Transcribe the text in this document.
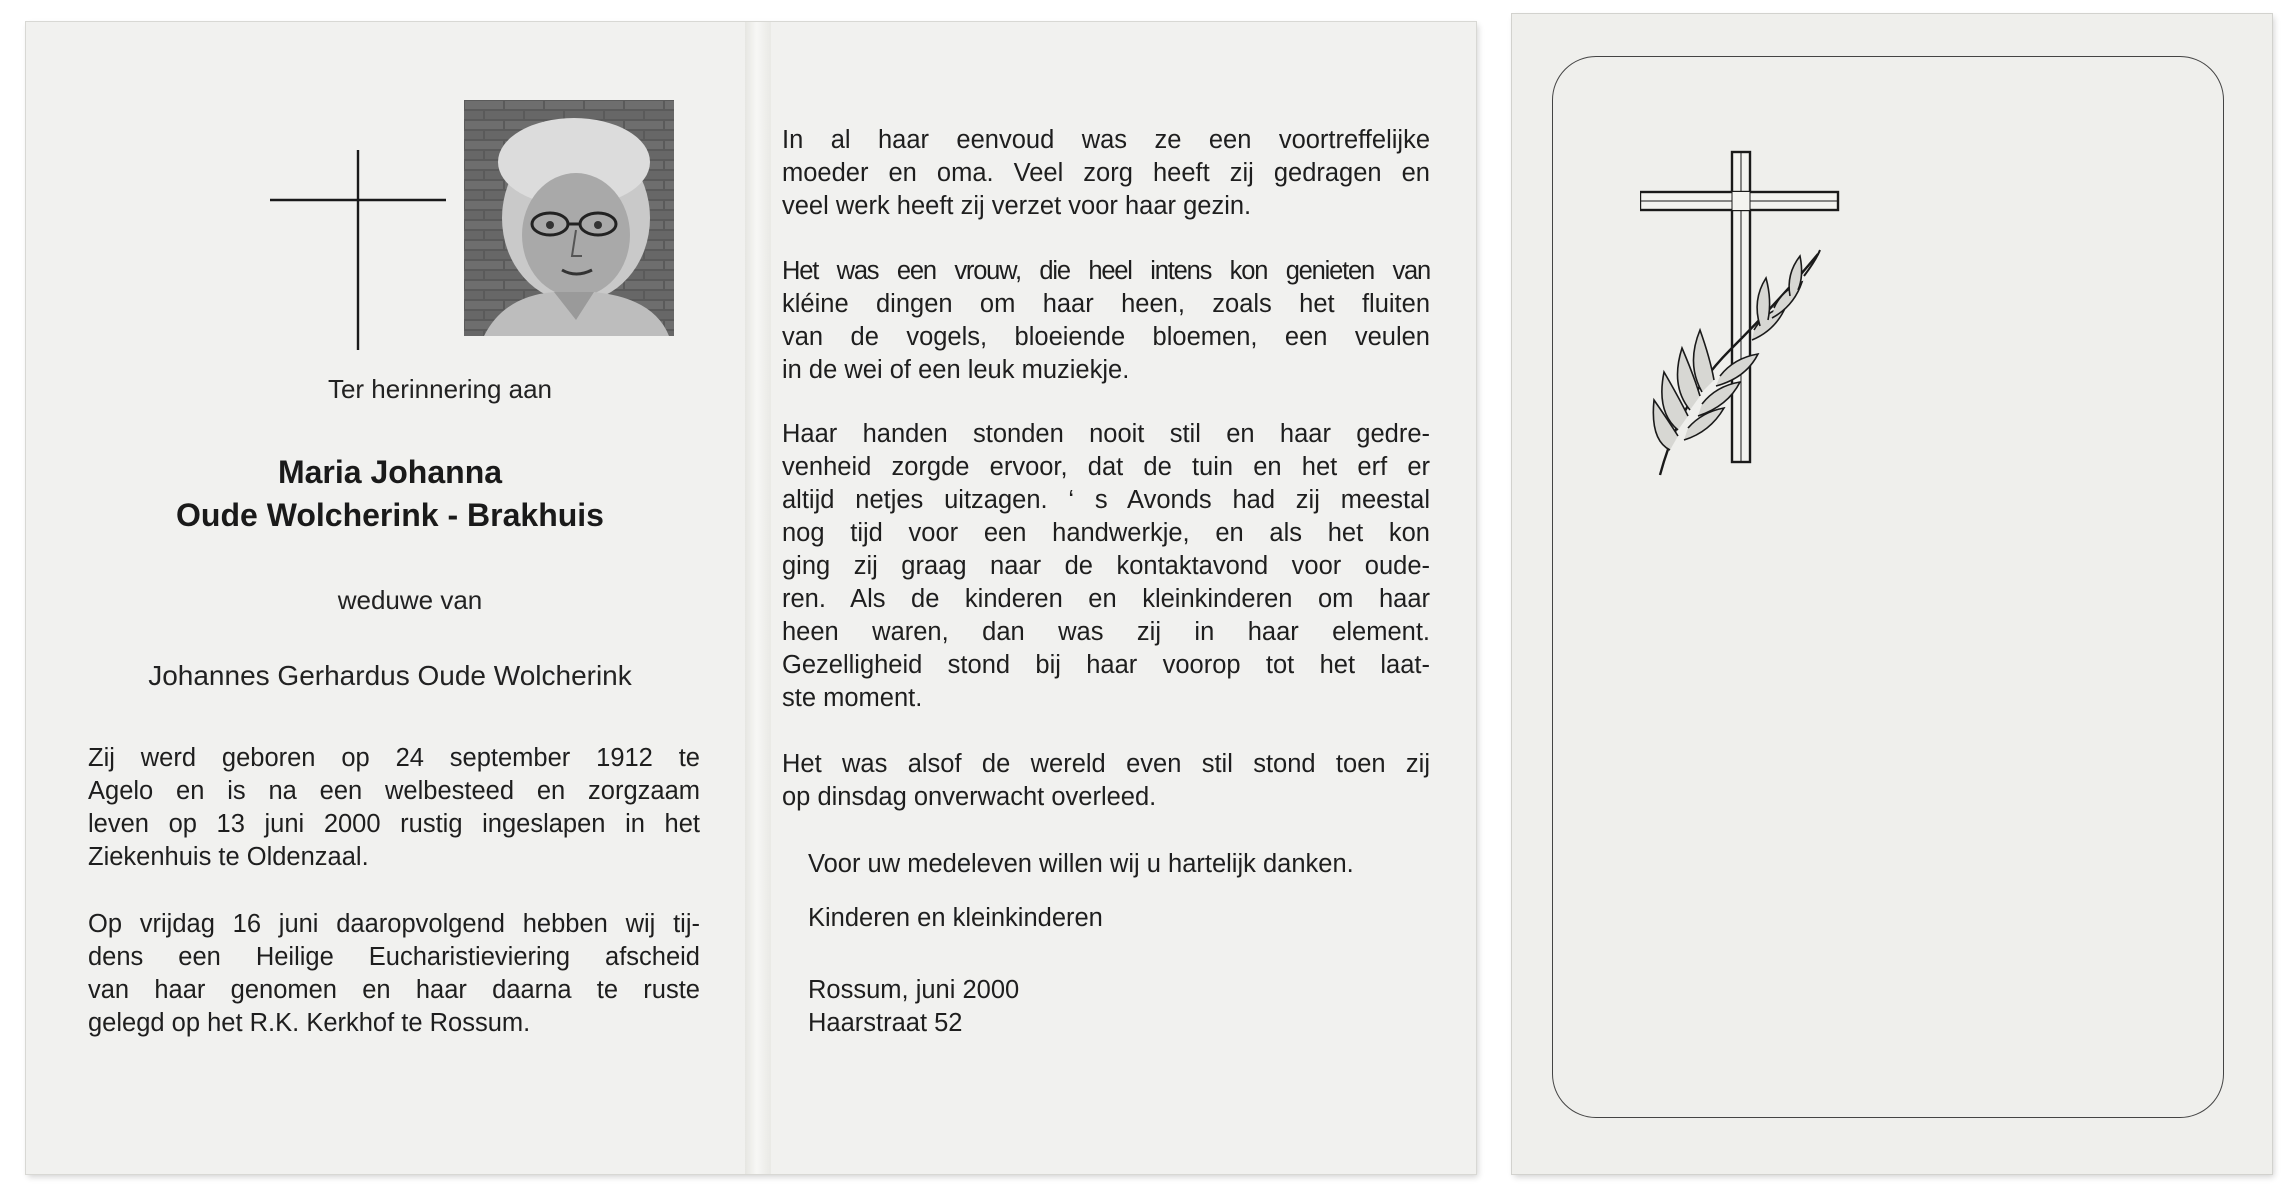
Ter herinnering aan
Maria Johanna
Oude Wolcherink - Brakhuis
weduwe van
Johannes Gerhardus Oude Wolcherink
Zij werd geboren op 24 september 1912 te
Agelo en is na een welbesteed en zorgzaam
leven op 13 juni 2000 rustig ingeslapen in het
Ziekenhuis te Oldenzaal.
Op vrijdag 16 juni daaropvolgend hebben wij tij-
dens een Heilige Eucharistieviering afscheid
van haar genomen en haar daarna te ruste
gelegd op het R.K. Kerkhof te Rossum.
In al haar eenvoud was ze een voortreffelijke
moeder en oma. Veel zorg heeft zij gedragen en
veel werk heeft zij verzet voor haar gezin.
Het was een vrouw, die heel intens kon genieten van
kléine dingen om haar heen, zoals het fluiten
van de vogels, bloeiende bloemen, een veulen
in de wei of een leuk muziekje.
Haar handen stonden nooit stil en haar gedre-
venheid zorgde ervoor, dat de tuin en het erf er
altijd netjes uitzagen. ‘ s Avonds had zij meestal
nog tijd voor een handwerkje, en als het kon
ging zij graag naar de kontaktavond voor oude-
ren. Als de kinderen en kleinkinderen om haar
heen waren, dan was zij in haar element.
Gezelligheid stond bij haar voorop tot het laat-
ste moment.
Het was alsof de wereld even stil stond toen zij
op dinsdag onverwacht overleed.
Voor uw medeleven willen wij u hartelijk danken.
Kinderen en kleinkinderen
Rossum, juni 2000
Haarstraat 52
